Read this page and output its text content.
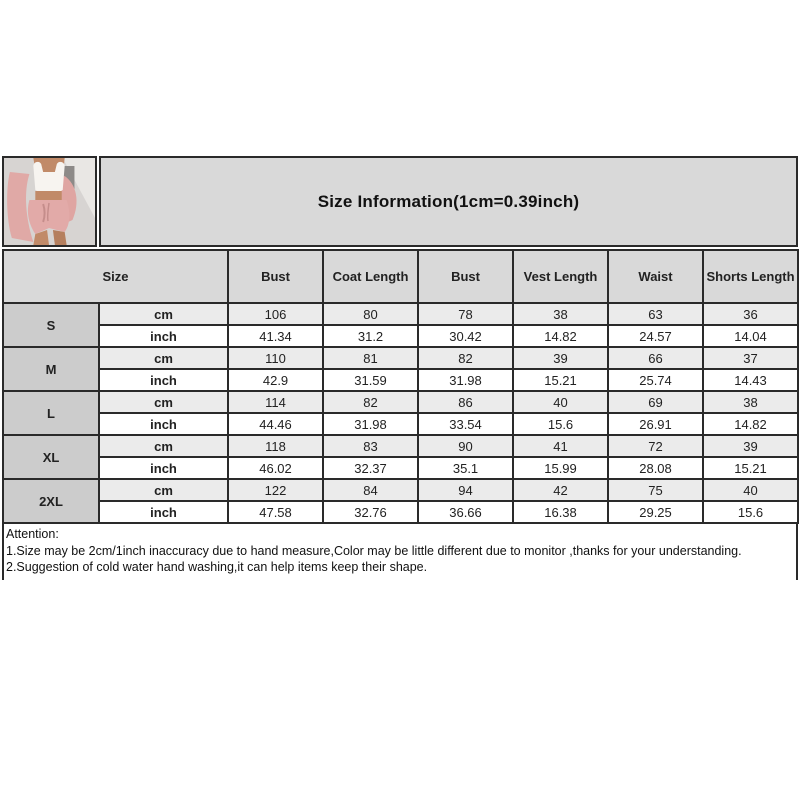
Size Information(1cm=0.39inch)
Size		Bust	Coat Length	Bust	Vest Length	Waist	Shorts Length
S	cm	106	80	78	38	63	36
	inch	41.34	31.2	30.42	14.82	24.57	14.04
M	cm	110	81	82	39	66	37
	inch	42.9	31.59	31.98	15.21	25.74	14.43
L	cm	114	82	86	40	69	38
	inch	44.46	31.98	33.54	15.6	26.91	14.82
XL	cm	118	83	90	41	72	39
	inch	46.02	32.37	35.1	15.99	28.08	15.21
2XL	cm	122	84	94	42	75	40
	inch	47.58	32.76	36.66	16.38	29.25	15.6
Attention:
1.Size may be 2cm/1inch inaccuracy due to hand measure,Color may be little different due to monitor ,thanks for your understanding.
2.Suggestion of cold water hand washing,it can help items keep their shape.
